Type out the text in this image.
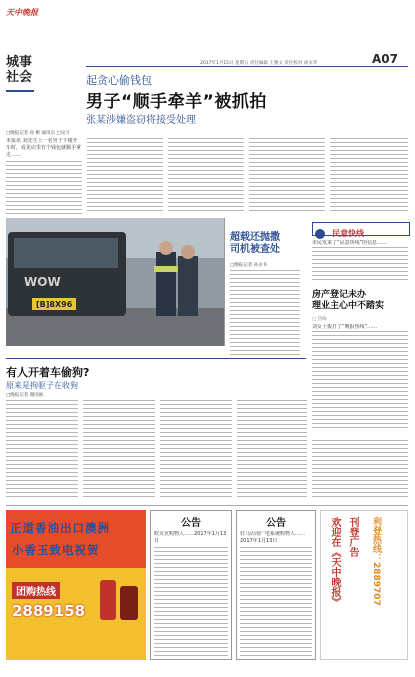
天中晚报
城事
社会
2017年1月15日 星期五 责任编辑 王雅文 责任校对 胡永华	A07
起贪心偷钱包
男子“顺手牵羊”被抓拍
张某涉嫌盗窃将接受处理
□晚报记者 孙 彬 通讯员 □见习
本报讯 刘先生上一名男子下楼开车时，看见店里有个钱包就顺手拿走……
WOW
[B]8X96
超载还抛撒
司机被查处
□晚报记者 孙永书
民意快线
市民发来了“民意快线”的信息……
房产登记未办
理业主心中不踏实
□ 热线
刘女士拨打了“晚报热线”……
有人开着车偷狗?
原来是拘驱子在收狗
□晚报记者 谢国画
正道香油出口澳洲
小香玉致电祝贺
团购热线
2889158
公告
欧贝克购物人……2017年1月13日
公告
驻马店南广电系统购物人……2017年1月13日	欢迎在《天中晚报》 刊登广告 利登热线：2889707
